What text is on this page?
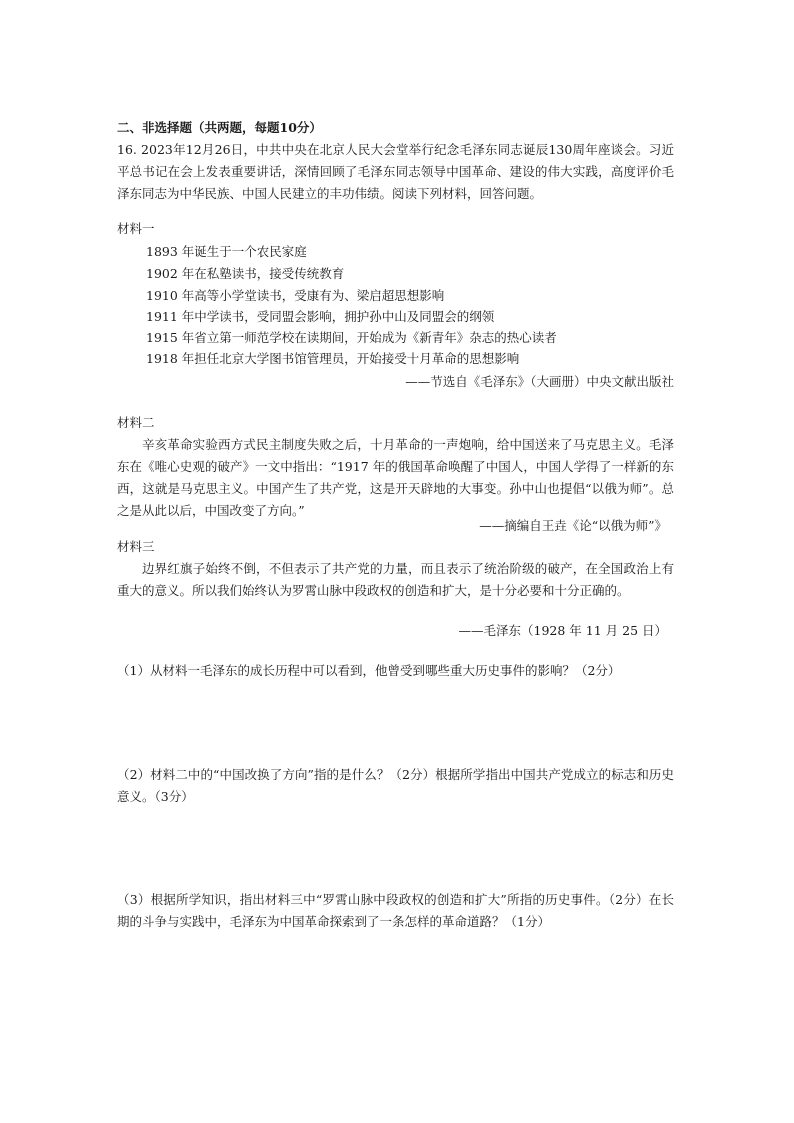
二、非选择题（共两题，每题10分）
16. 2023年12月26日，中共中央在北京人民大会堂举行纪念毛泽东同志诞辰130周年座谈会。习近平总书记在会上发表重要讲话，深情回顾了毛泽东同志领导中国革命、建设的伟大实践，高度评价毛泽东同志为中华民族、中国人民建立的丰功伟绩。阅读下列材料，回答问题。
材料一
1893 年诞生于一个农民家庭
1902 年在私塾读书，接受传统教育
1910 年高等小学堂读书，受康有为、梁启超思想影响
1911 年中学读书，受同盟会影响，拥护孙中山及同盟会的纲领
1915 年省立第一师范学校在读期间，开始成为《新青年》杂志的热心读者
1918 年担任北京大学图书馆管理员，开始接受十月革命的思想影响
——节选自《毛泽东》（大画册）中央文献出版社
材料二
辛亥革命实验西方式民主制度失败之后，十月革命的一声炮响，给中国送来了马克思主义。毛泽东在《唯心史观的破产》一文中指出：“1917 年的俄国革命唤醒了中国人，中国人学得了一样新的东西，这就是马克思主义。中国产生了共产党，这是开天辟地的大事变。孙中山也提倡“以俄为师”。总之是从此以后，中国改变了方向。”
——摘编自王垚《论“以俄为师”》
材料三
边界红旗子始终不倒，不但表示了共产党的力量，而且表示了统治阶级的破产，在全国政治上有重大的意义。所以我们始终认为罗霄山脉中段政权的创造和扩大，是十分必要和十分正确的。
——毛泽东（1928 年 11 月 25 日）
（1）从材料一毛泽东的成长历程中可以看到，他曾受到哪些重大历史事件的影响？（2分）
（2）材料二中的“中国改换了方向”指的是什么？（2分）根据所学指出中国共产党成立的标志和历史意义。（3分）
（3）根据所学知识，指出材料三中“罗霄山脉中段政权的创造和扩大”所指的历史事件。（2分）在长期的斗争与实践中，毛泽东为中国革命探索到了一条怎样的革命道路？（1分）
